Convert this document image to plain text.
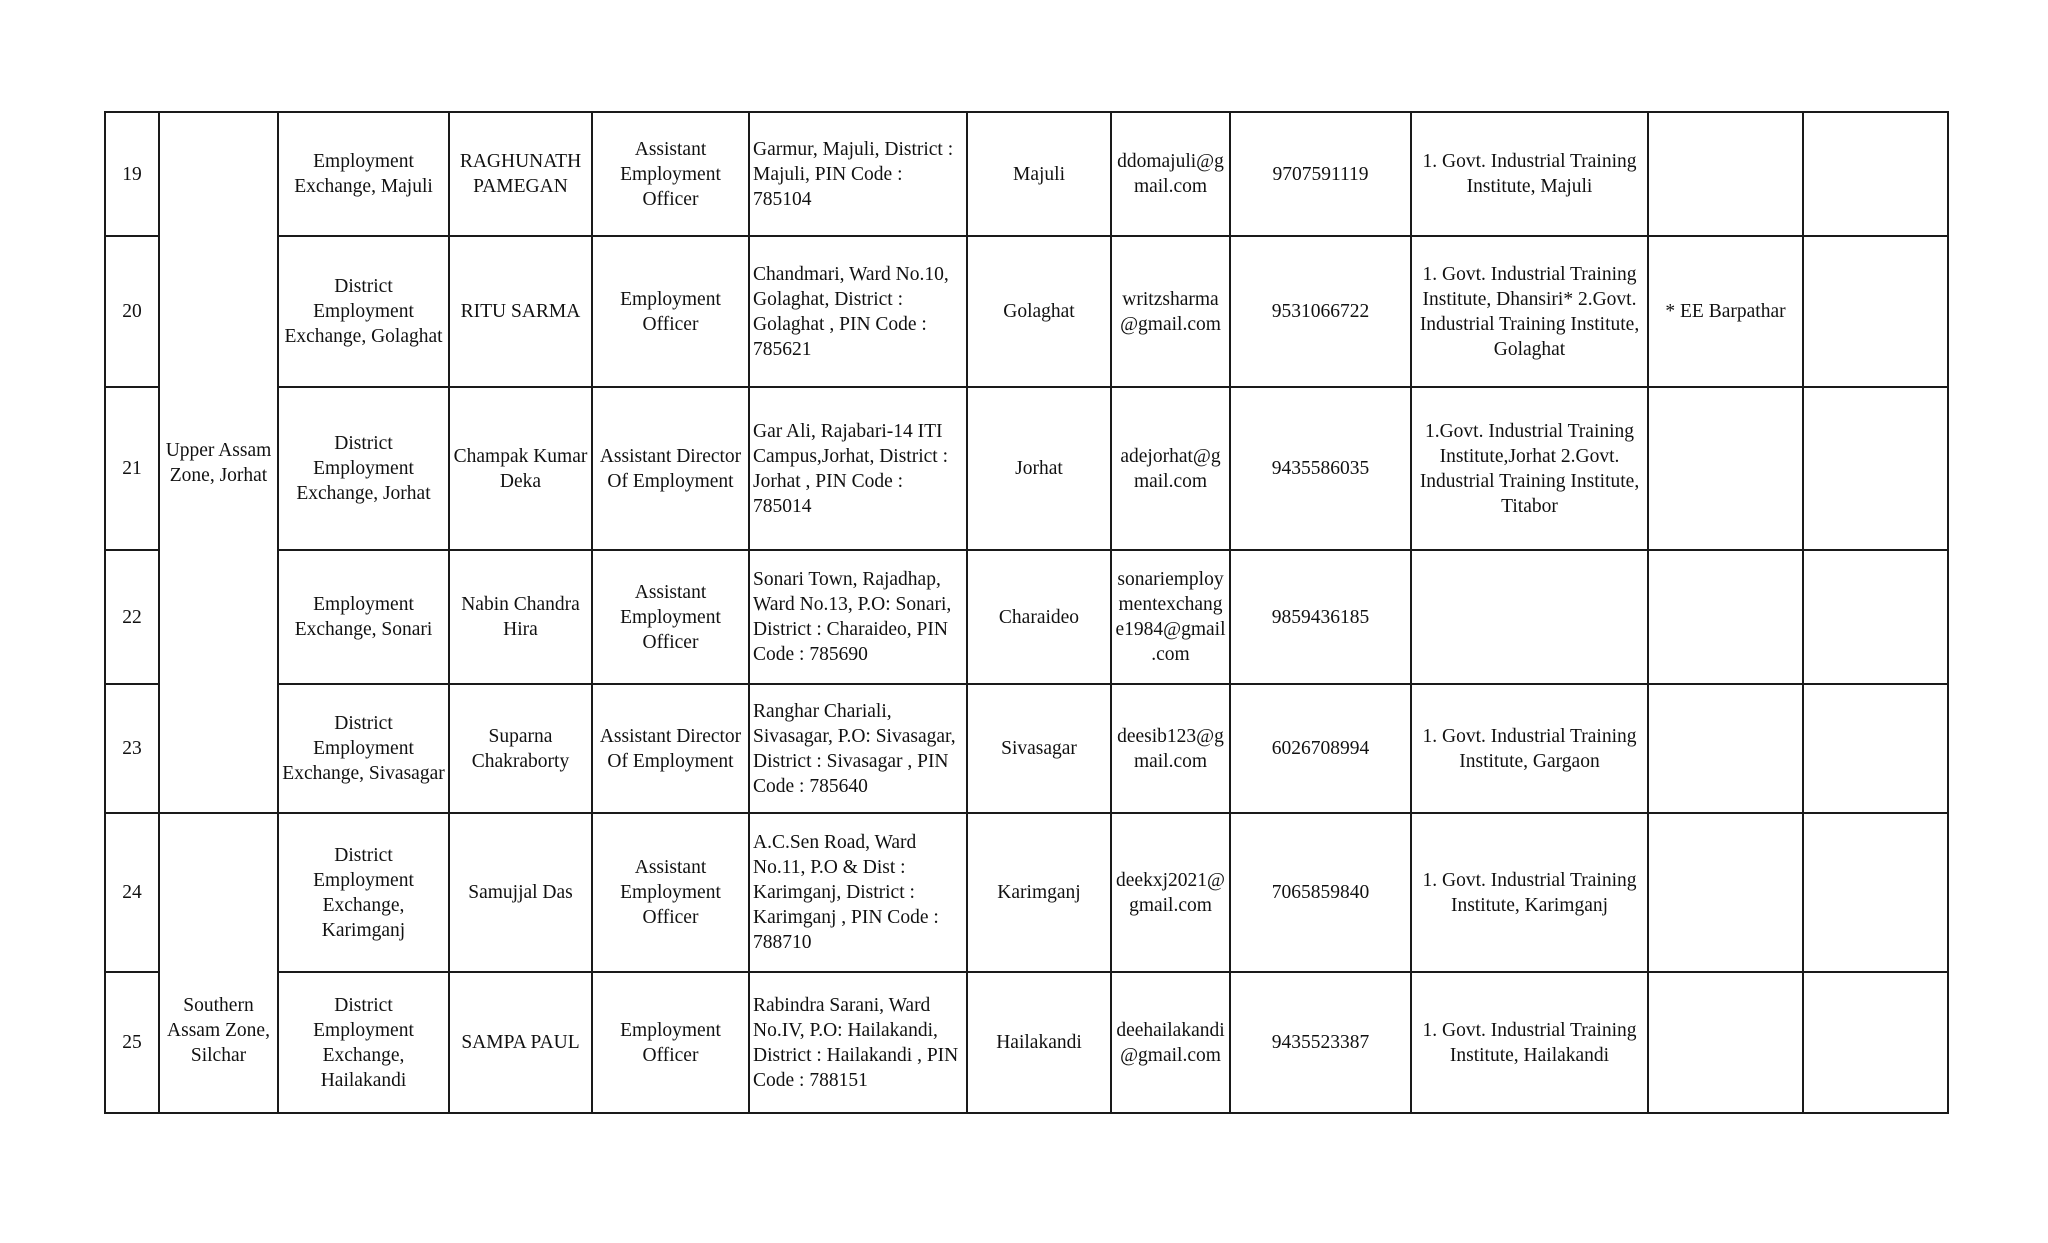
19	Upper Assam Zone, Jorhat	Employment Exchange, Majuli	RAGHUNATH PAMEGAN	Assistant Employment Officer	Garmur, Majuli, District : Majuli, PIN Code : 785104	Majuli	ddomajuli@gmail.com	9707591119	1. Govt. Industrial Training Institute, Majuli		
20		District Employment Exchange, Golaghat	RITU SARMA	Employment Officer	Chandmari, Ward No.10, Golaghat, District : Golaghat , PIN Code : 785621	Golaghat	writzsharma@gmail.com	9531066722	1. Govt. Industrial Training Institute, Dhansiri* 2.Govt. Industrial Training Institute, Golaghat	* EE Barpathar	
21		District Employment Exchange, Jorhat	Champak Kumar Deka	Assistant Director Of Employment	Gar Ali, Rajabari-14 ITI Campus,Jorhat, District : Jorhat , PIN Code : 785014	Jorhat	adejorhat@gmail.com	9435586035	1.Govt. Industrial Training Institute,Jorhat 2.Govt. Industrial Training Institute, Titabor		
22		Employment Exchange, Sonari	Nabin Chandra Hira	Assistant Employment Officer	Sonari Town, Rajadhap, Ward No.13, P.O: Sonari, District : Charaideo, PIN Code : 785690	Charaideo	sonariemploymentexchange1984@gmail.com	9859436185			
23		District Employment Exchange, Sivasagar	Suparna Chakraborty	Assistant Director Of Employment	Ranghar Chariali, Sivasagar, P.O: Sivasagar, District : Sivasagar , PIN Code : 785640	Sivasagar	deesib123@gmail.com	6026708994	1. Govt. Industrial Training Institute, Gargaon		
24	Southern Assam Zone, Silchar	District Employment Exchange, Karimganj	Samujjal Das	Assistant Employment Officer	A.C.Sen Road, Ward No.11, P.O & Dist : Karimganj, District : Karimganj , PIN Code : 788710	Karimganj	deekxj2021@gmail.com	7065859840	1. Govt. Industrial Training Institute, Karimganj		
25		District Employment Exchange, Hailakandi	SAMPA PAUL	Employment Officer	Rabindra Sarani, Ward No.IV, P.O: Hailakandi, District : Hailakandi , PIN Code : 788151	Hailakandi	deehailakandi@gmail.com	9435523387	1. Govt. Industrial Training Institute, Hailakandi		
